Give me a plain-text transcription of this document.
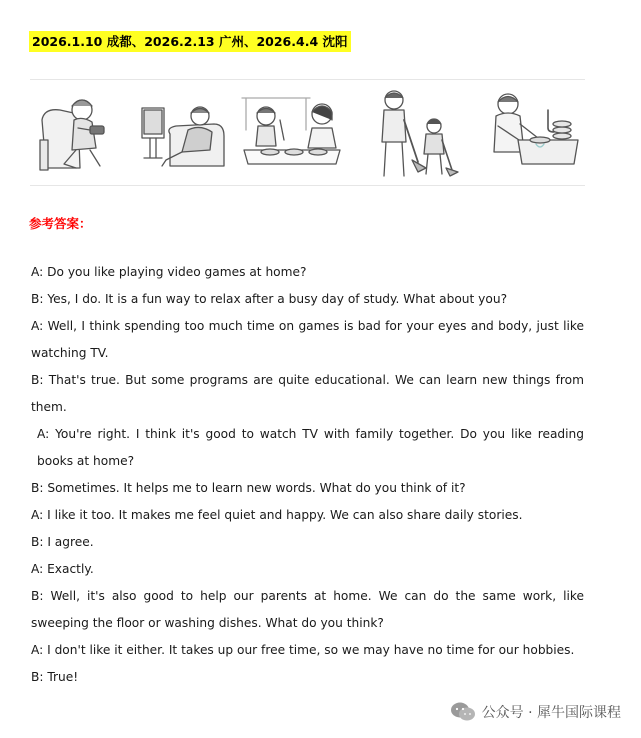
2026.1.10 成都、2026.2.13 广州、2026.4.4 沈阳
参考答案：

A: Do you like playing video games at home?

B: Yes, I do. It is a fun way to relax after a busy day of study. What about you?

A: Well, I think spending too much time on games is bad for your eyes and body, just like watching TV.

B: That's true. But some programs are quite educational. We can learn new things from them.

A: You're right. I think it's good to watch TV with family together. Do you like reading books at home?

B: Sometimes. It helps me to learn new words. What do you think of it?

A: I like it too. It makes me feel quiet and happy. We can also share daily stories.

B: I agree.

A: Exactly.

B: Well, it's also good to help our parents at home. We can do the same work, like sweeping the floor or washing dishes. What do you think?

A: I don't like it either. It takes up our free time, so we may have no time for our hobbies.

B: True!

公众号 · 犀牛国际课程
